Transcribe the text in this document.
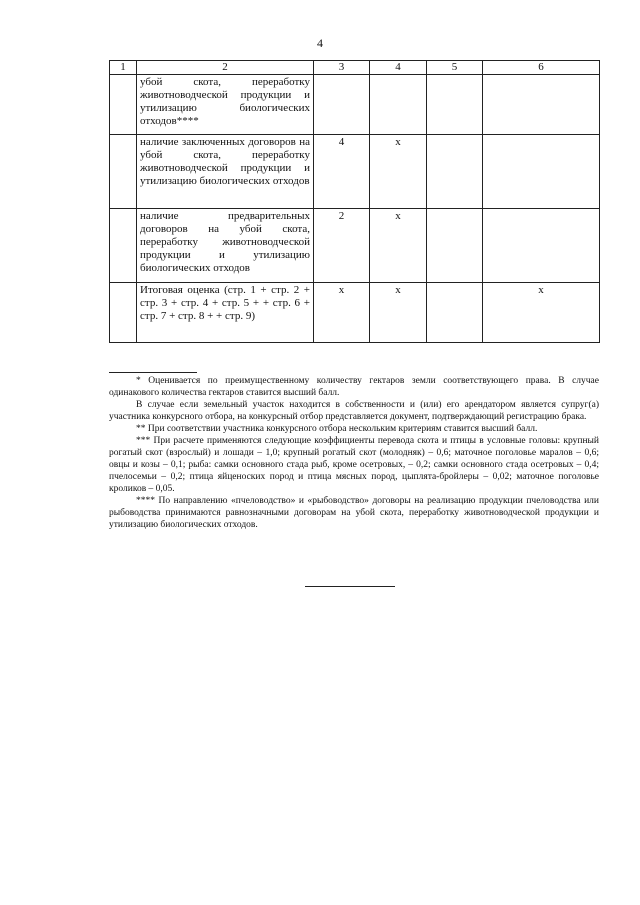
4
1	2	3	4	5	6
	убой скота, переработку животноводческой продукции и утилизацию биологических отходов****				
	наличие заключенных договоров на убой скота, переработку животноводческой продукции и утилизацию биологических отходов	4	х		
	наличие предварительных договоров на убой скота, переработку животноводческой продукции и утилизацию биологических отходов	2	х		
	Итоговая оценка (стр. 1 + стр. 2 + стр. 3 + стр. 4 + стр. 5 + + стр. 6 + стр. 7 + стр. 8 + + стр. 9)	х	х		х

* Оценивается по преимущественному количеству гектаров земли соответствующего права. В случае одинакового количества гектаров ставится высший балл.

В случае если земельный участок находится в собственности и (или) его арендатором является супруг(а) участника конкурсного отбора, на конкурсный отбор представляется документ, подтверждающий регистрацию брака.

** При соответствии участника конкурсного отбора нескольким критериям ставится высший балл.

*** При расчете применяются следующие коэффициенты перевода скота и птицы в условные головы: крупный рогатый скот (взрослый) и лошади – 1,0; крупный рогатый скот (молодняк) – 0,6; маточное поголовье маралов – 0,6; овцы и козы – 0,1; рыба: самки основного стада рыб, кроме осетровых, – 0,2; самки основного стада осетровых – 0,4; пчелосемьи – 0,2; птица яйценоских пород и птица мясных пород, цыплята-бройлеры – 0,02; маточное поголовье кроликов – 0,05.

**** По направлению «пчеловодство» и «рыбоводство» договоры на реализацию продукции пчеловодства или рыбоводства принимаются равнозначными договорам на убой скота, переработку животноводческой продукции и утилизацию биологических отходов.
